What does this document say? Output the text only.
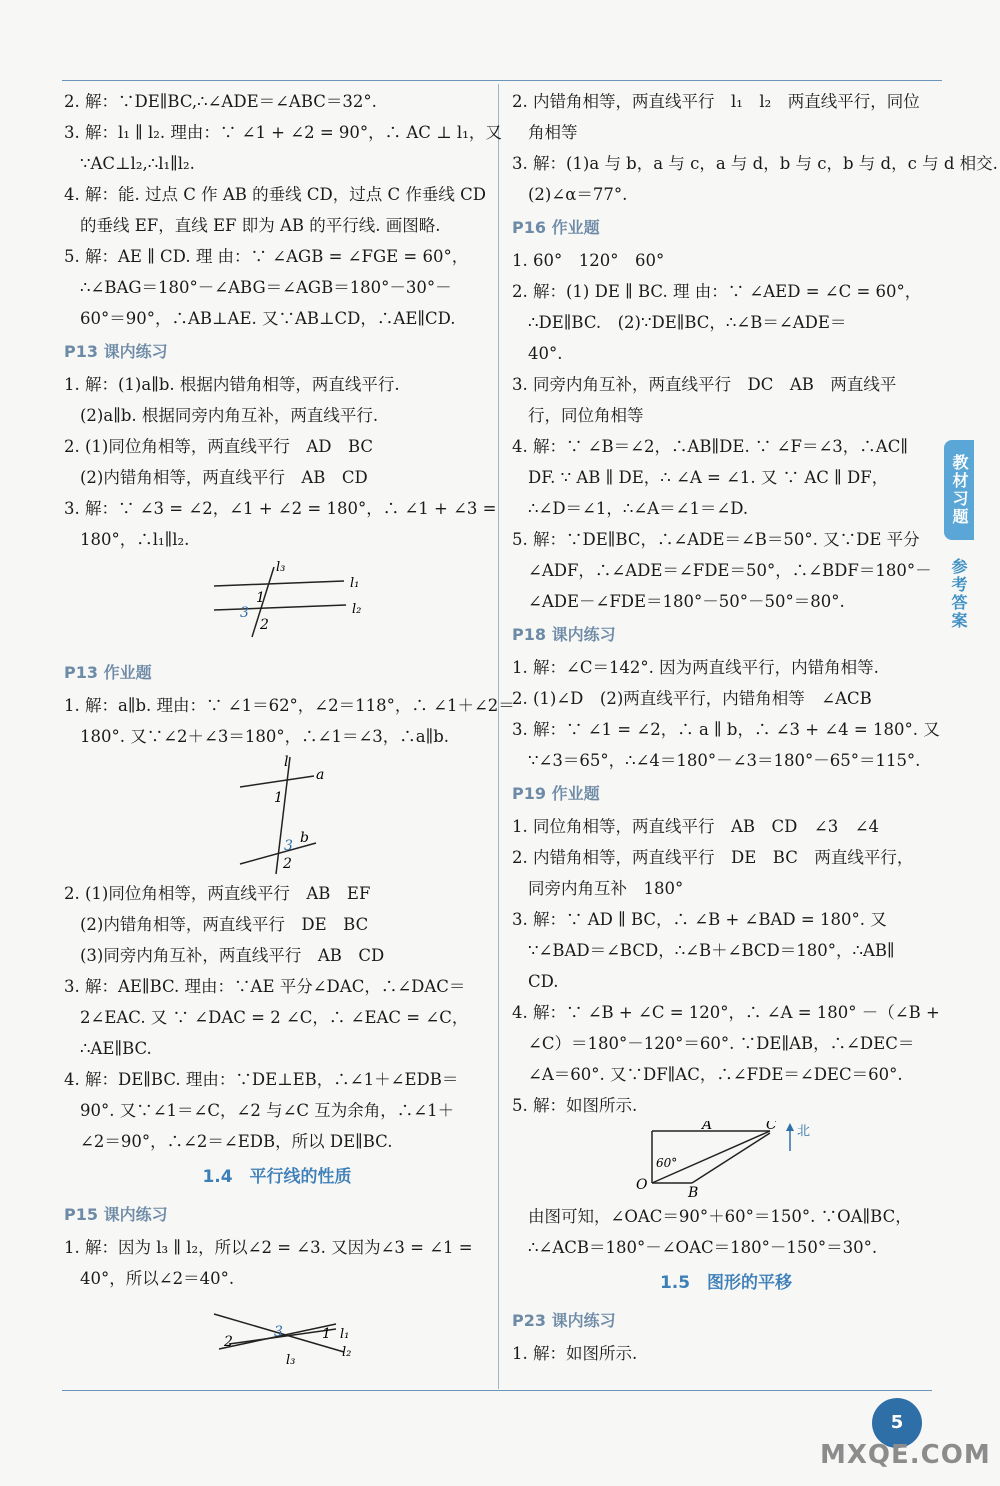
2. 解：∵DE∥BC,∴∠ADE＝∠ABC＝32°.
3. 解：l₁ ∥ l₂. 理由：∵ ∠1 + ∠2 = 90°，∴ AC ⊥ l₁，又
∵AC⊥l₂,∴l₁∥l₂.
4. 解：能. 过点 C 作 AB 的垂线 CD，过点 C 作垂线 CD
的垂线 EF，直线 EF 即为 AB 的平行线. 画图略.
5. 解：AE ∥ CD. 理 由：∵ ∠AGB = ∠FGE = 60°，
∴∠BAG＝180°－∠ABG＝∠AGB＝180°－30°－
60°＝90°，∴AB⊥AE. 又∵AB⊥CD，∴AE∥CD.
P13 课内练习
1. 解：(1)a∥b. 根据内错角相等，两直线平行.
(2)a∥b. 根据同旁内角互补，两直线平行.
2. (1)同位角相等，两直线平行　AD　BC
(2)内错角相等，两直线平行　AB　CD
3. 解：∵ ∠3 = ∠2，∠1 + ∠2 = 180°，∴ ∠1 + ∠3 =
180°，∴l₁∥l₂.
l₃
l₁
l₂
1
3
2
P13 作业题
1. 解：a∥b. 理由：∵ ∠1＝62°，∠2＝118°，∴ ∠1＋∠2＝
180°. 又∵∠2＋∠3＝180°，∴∠1＝∠3，∴a∥b.
l
a
b
1
3
2
2. (1)同位角相等，两直线平行　AB　EF
(2)内错角相等，两直线平行　DE　BC
(3)同旁内角互补，两直线平行　AB　CD
3. 解：AE∥BC. 理由：∵AE 平分∠DAC，∴∠DAC＝
2∠EAC. 又 ∵ ∠DAC = 2 ∠C，∴ ∠EAC = ∠C，
∴AE∥BC.
4. 解：DE∥BC. 理由：∵DE⊥EB，∴∠1＋∠EDB＝
90°. 又∵∠1＝∠C，∠2 与∠C 互为余角，∴∠1＋
∠2＝90°，∴∠2＝∠EDB，所以 DE∥BC.
1.4　平行线的性质
P15 课内练习
1. 解：因为 l₃ ∥ l₂，所以∠2 = ∠3. 又因为∠3 = ∠1 =
40°，所以∠2＝40°.
2
3	1 l₁
l₂
l₃
2. 内错角相等，两直线平行　l₁　l₂　两直线平行，同位
角相等
3. 解：(1)a 与 b，a 与 c，a 与 d，b 与 c，b 与 d，c 与 d 相交.
(2)∠α＝77°.
P16 作业题
1. 60°　120°　60°
2. 解：(1) DE ∥ BC. 理 由：∵ ∠AED = ∠C = 60°，
∴DE∥BC.　(2)∵DE∥BC，∴∠B＝∠ADE＝
40°.
3. 同旁内角互补，两直线平行　DC　AB　两直线平
行，同位角相等
4. 解：∵ ∠B＝∠2，∴AB∥DE. ∵ ∠F＝∠3，∴AC∥
DF. ∵ AB ∥ DE，∴ ∠A = ∠1. 又 ∵ AC ∥ DF，
∴∠D＝∠1，∴∠A＝∠1＝∠D.
5. 解：∵DE∥BC，∴∠ADE＝∠B＝50°. 又∵DE 平分
∠ADF，∴∠ADE＝∠FDE＝50°，∴∠BDF＝180°－
∠ADE－∠FDE＝180°－50°－50°＝80°.
P18 课内练习
1. 解：∠C＝142°. 因为两直线平行，内错角相等.
2. (1)∠D　(2)两直线平行，内错角相等　∠ACB
3. 解：∵ ∠1 = ∠2，∴ a ∥ b，∴ ∠3 + ∠4 = 180°. 又
∵∠3＝65°，∴∠4＝180°－∠3＝180°－65°＝115°.
P19 作业题
1. 同位角相等，两直线平行　AB　CD　∠3　∠4
2. 内错角相等，两直线平行　DE　BC　两直线平行，
同旁内角互补　180°
3. 解：∵ AD ∥ BC，∴ ∠B + ∠BAD = 180°. 又
∵∠BAD＝∠BCD，∴∠B＋∠BCD＝180°，∴AB∥
CD.
4. 解：∵ ∠B + ∠C = 120°，∴ ∠A = 180° －（∠B +
∠C）＝180°－120°＝60°. ∵DE∥AB，∴∠DEC＝
∠A＝60°. 又∵DF∥AC，∴∠FDE＝∠DEC＝60°.
5. 解：如图所示.
A	C
O	B
60°
北
由图可知，∠OAC＝90°＋60°＝150°. ∵OA∥BC，
∴∠ACB＝180°－∠OAC＝180°－150°＝30°.
1.5　图形的平移
P23 课内练习
1. 解：如图所示.
教材习题
参考答案
5
MXQE.COM
